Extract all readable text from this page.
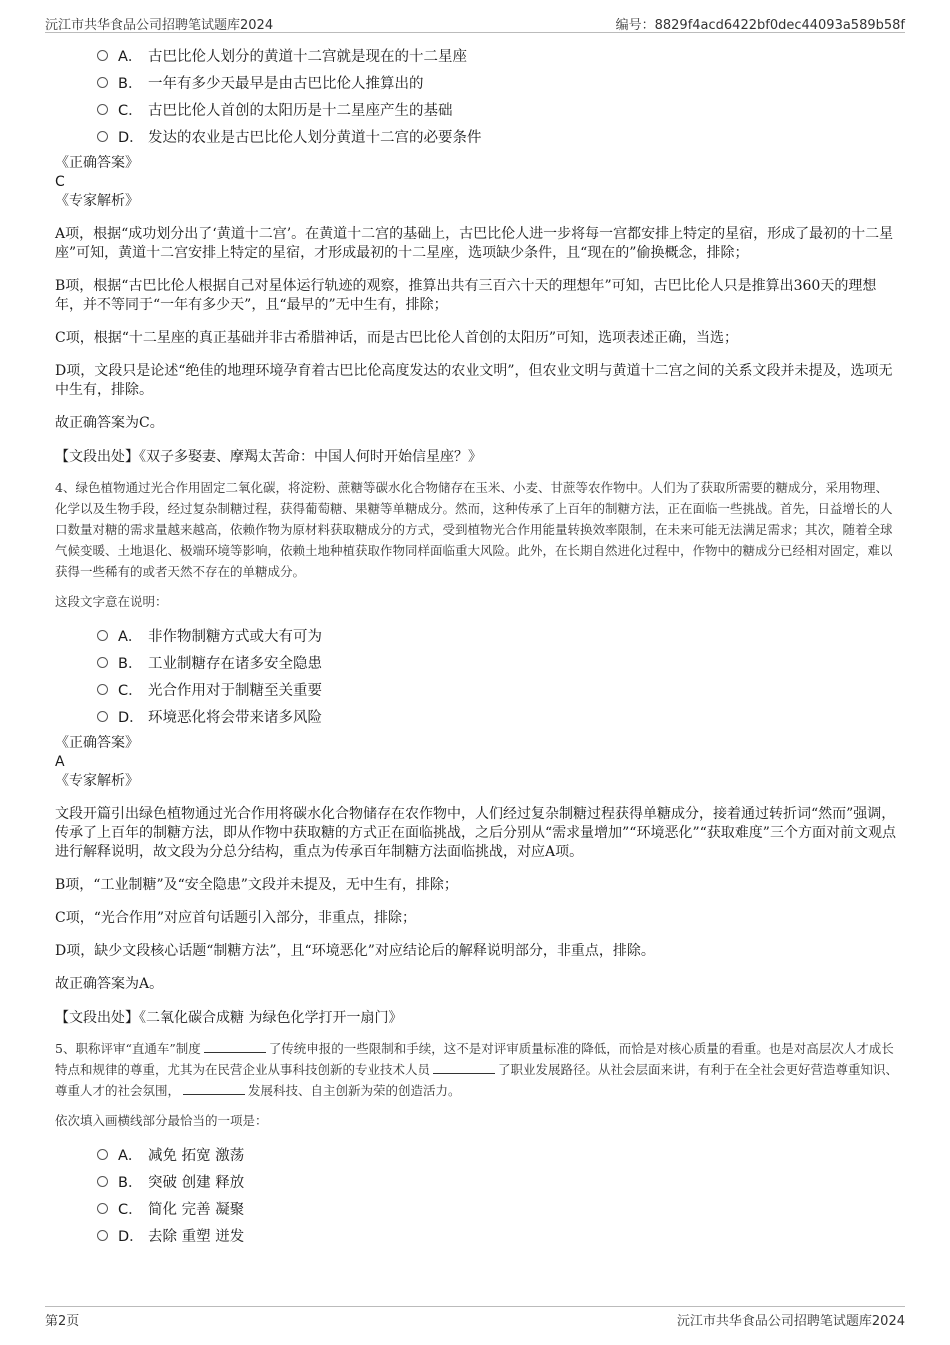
沅江市共华食品公司招聘笔试题库2024	编号：8829f4acd6422bf0dec44093a589b58f
A． 古巴比伦人划分的黄道十二宫就是现在的十二星座
B． 一年有多少天最早是由古巴比伦人推算出的
C． 古巴比伦人首创的太阳历是十二星座产生的基础
D． 发达的农业是古巴比伦人划分黄道十二宫的必要条件

《正确答案》

C

《专家解析》

A项，根据“成功划分出了‘黄道十二宫’。在黄道十二宫的基础上，古巴比伦人进一步将每一宫都安排上特定的星宿，形成了最初的十二星座”可知，黄道十二宫安排上特定的星宿，才形成最初的十二星座，选项缺少条件，且“现在的”偷换概念，排除；

B项，根据“古巴比伦人根据自己对星体运行轨迹的观察，推算出共有三百六十天的理想年”可知，古巴比伦人只是推算出360天的理想年，并不等同于“一年有多少天”，且“最早的”无中生有，排除；

C项，根据“十二星座的真正基础并非古希腊神话，而是古巴比伦人首创的太阳历”可知，选项表述正确，当选；

D项，文段只是论述“绝佳的地理环境孕育着古巴比伦高度发达的农业文明”，但农业文明与黄道十二宫之间的关系文段并未提及，选项无中生有，排除。

故正确答案为C。

【文段出处】《双子多娶妻、摩羯太苦命：中国人何时开始信星座？》

4、绿色植物通过光合作用固定二氧化碳，将淀粉、蔗糖等碳水化合物储存在玉米、小麦、甘蔗等农作物中。人们为了获取所需要的糖成分，采用物理、化学以及生物手段，经过复杂制糖过程，获得葡萄糖、果糖等单糖成分。然而，这种传承了上百年的制糖方法，正在面临一些挑战。首先，日益增长的人口数量对糖的需求量越来越高，依赖作物为原材料获取糖成分的方式，受到植物光合作用能量转换效率限制，在未来可能无法满足需求；其次，随着全球气候变暖、土地退化、极端环境等影响，依赖土地种植获取作物同样面临重大风险。此外，在长期自然进化过程中，作物中的糖成分已经相对固定，难以获得一些稀有的或者天然不存在的单糖成分。

这段文字意在说明：

A． 非作物制糖方式或大有可为
B． 工业制糖存在诸多安全隐患
C． 光合作用对于制糖至关重要
D． 环境恶化将会带来诸多风险

《正确答案》

A

《专家解析》

文段开篇引出绿色植物通过光合作用将碳水化合物储存在农作物中，人们经过复杂制糖过程获得单糖成分，接着通过转折词“然而”强调，传承了上百年的制糖方法，即从作物中获取糖的方式正在面临挑战，之后分别从“需求量增加”“环境恶化”“获取难度”三个方面对前文观点进行解释说明，故文段为分总分结构，重点为传承百年制糖方法面临挑战，对应A项。

B项，“工业制糖”及“安全隐患”文段并未提及，无中生有，排除；

C项，“光合作用”对应首句话题引入部分，非重点，排除；

D项，缺少文段核心话题“制糖方法”，且“环境恶化”对应结论后的解释说明部分，非重点，排除。

故正确答案为A。

【文段出处】《二氧化碳合成糖 为绿色化学打开一扇门》

5、职称评审“直通车”制度	了传统申报的一些限制和手续，这不是对评审质量标准的降低，而恰是对核心质量的看重。也是对高层次人才成长特点和规律的尊重，尤其为在民营企业从事科技创新的专业技术人员	了职业发展路径。从社会层面来讲，有利于在全社会更好营造尊重知识、尊重人才的社会氛围，	发展科技、自主创新为荣的创造活力。

依次填入画横线部分最恰当的一项是：

A． 减免 拓宽 激荡
B． 突破 创建 释放
C． 简化 完善 凝聚
D． 去除 重塑 迸发
第2页	沅江市共华食品公司招聘笔试题库2024
